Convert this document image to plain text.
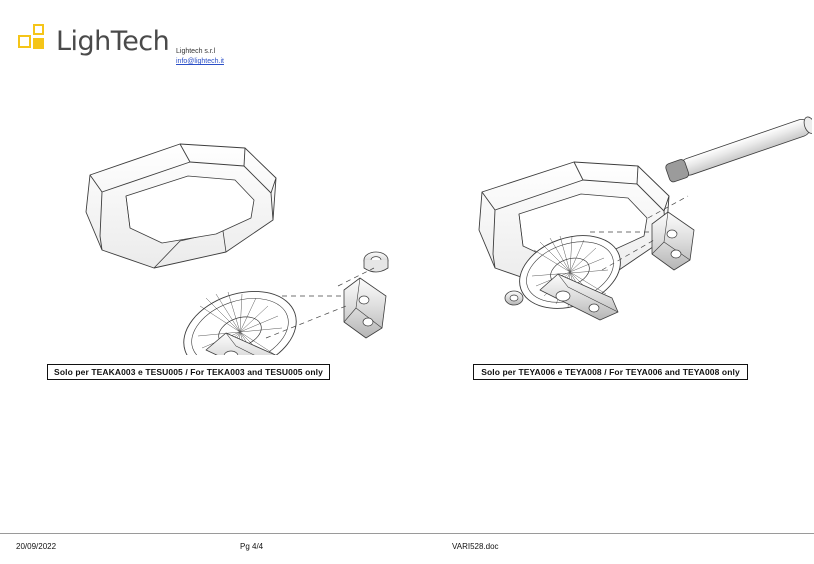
LighTech Lightech s.r.l
info@lightech.it
Solo per TEAKA003 e TESU005 / For TEKA003 and TESU005 only	Solo per TEYA006 e TEYA008 / For TEYA006 and TEYA008 only
20/09/2022	Pg 4/4	VARI528.doc
